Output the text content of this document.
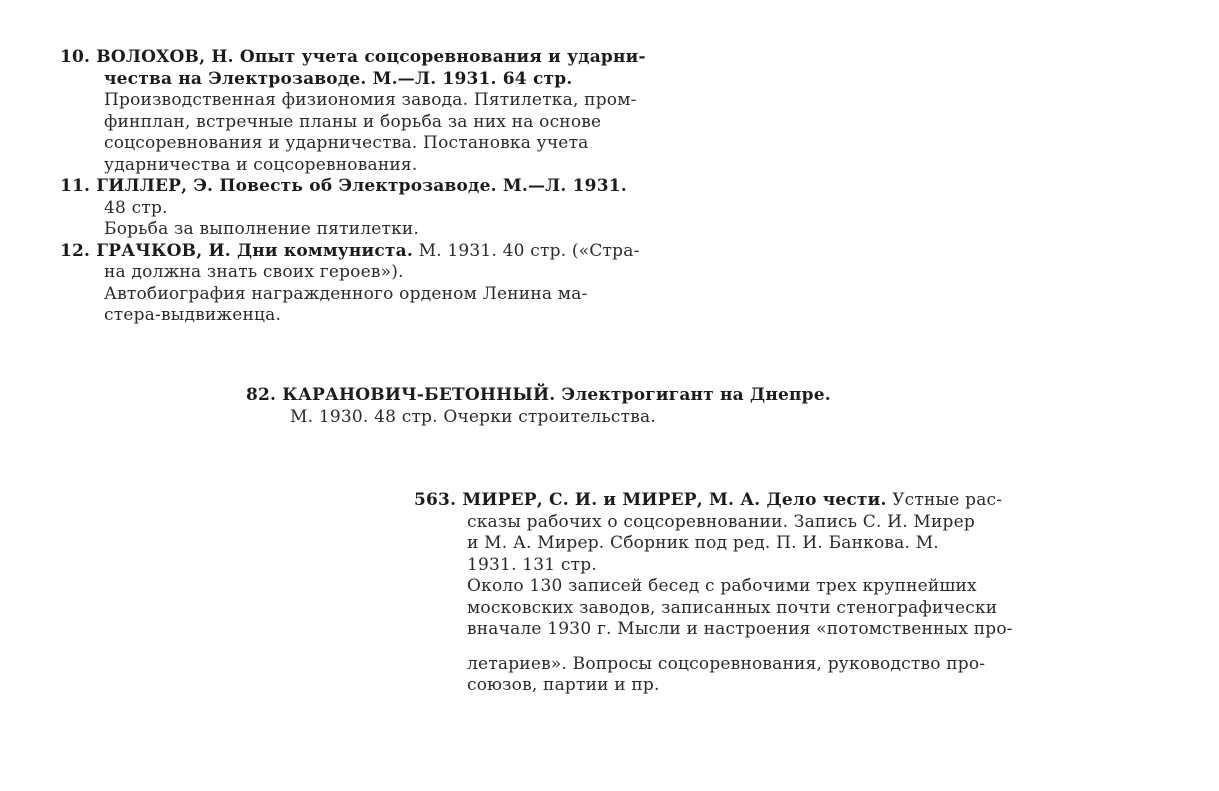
10. ВОЛОХОВ, Н. Опыт учета соцсоревнования и ударни-
чества на Электрозаводе. М.—Л. 1931. 64 стр.
Производственная физиономия завода. Пятилетка, пром-
финплан, встречные планы и борьба за них на основе
соцсоревнования и ударничества. Постановка учета
ударничества и соцсоревнования.
11. ГИЛЛЕР, Э. Повесть об Электрозаводе. М.—Л. 1931.
48 стр.
Борьба за выполнение пятилетки.
12. ГРАЧКОВ, И. Дни коммуниста. М. 1931. 40 стр. («Стра-
на должна знать своих героев»).
Автобиография награжденного орденом Ленина ма-
стера-выдвиженца.
82. КАРАНОВИЧ-БЕТОННЫЙ. Электрогигант на Днепре.
М. 1930. 48 стр. Очерки строительства.
563. МИРЕР, С. И. и МИРЕР, М. А. Дело чести. Устные рас-
сказы рабочих о соцсоревновании. Запись С. И. Мирер
и М. А. Мирер. Сборник под ред. П. И. Банкова. М.
1931. 131 стр.
Около 130 записей бесед с рабочими трех крупнейших
московских заводов, записанных почти стенографически
вначале 1930 г. Мысли и настроения «потомственных про-
летариев». Вопросы соцсоревнования, руководство про-
союзов, партии и пр.
